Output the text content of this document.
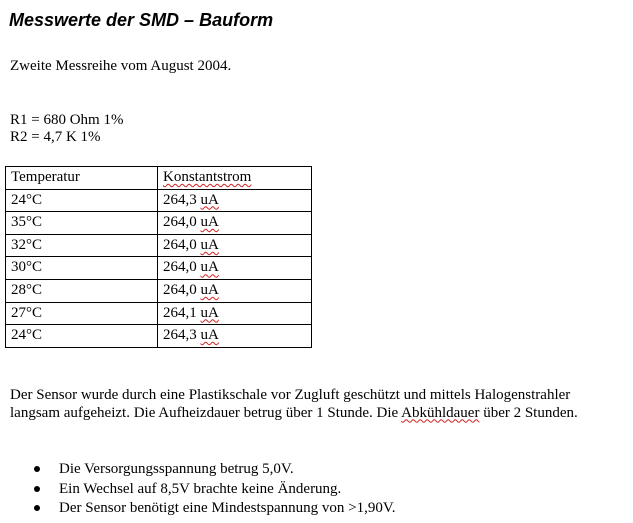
Messwerte der SMD – Bauform
Zweite Messreihe vom August 2004.
R1 = 680 Ohm 1%
R2 = 4,7 K 1%
Temperatur	Konstantstrom
24°C	264,3 uA
35°C	264,0 uA
32°C	264,0 uA
30°C	264,0 uA
28°C	264,0 uA
27°C	264,1 uA
24°C	264,3 uA
Der Sensor wurde durch eine Plastikschale vor Zugluft geschützt und mittels Halogenstrahler langsam aufgeheizt. Die Aufheizdauer betrug über 1 Stunde. Die Abkühldauer über 2 Stunden.
Die Versorgungsspannung betrug 5,0V.
Ein Wechsel auf 8,5V brachte keine Änderung.
Der Sensor benötigt eine Mindestspannung von >1,90V.
